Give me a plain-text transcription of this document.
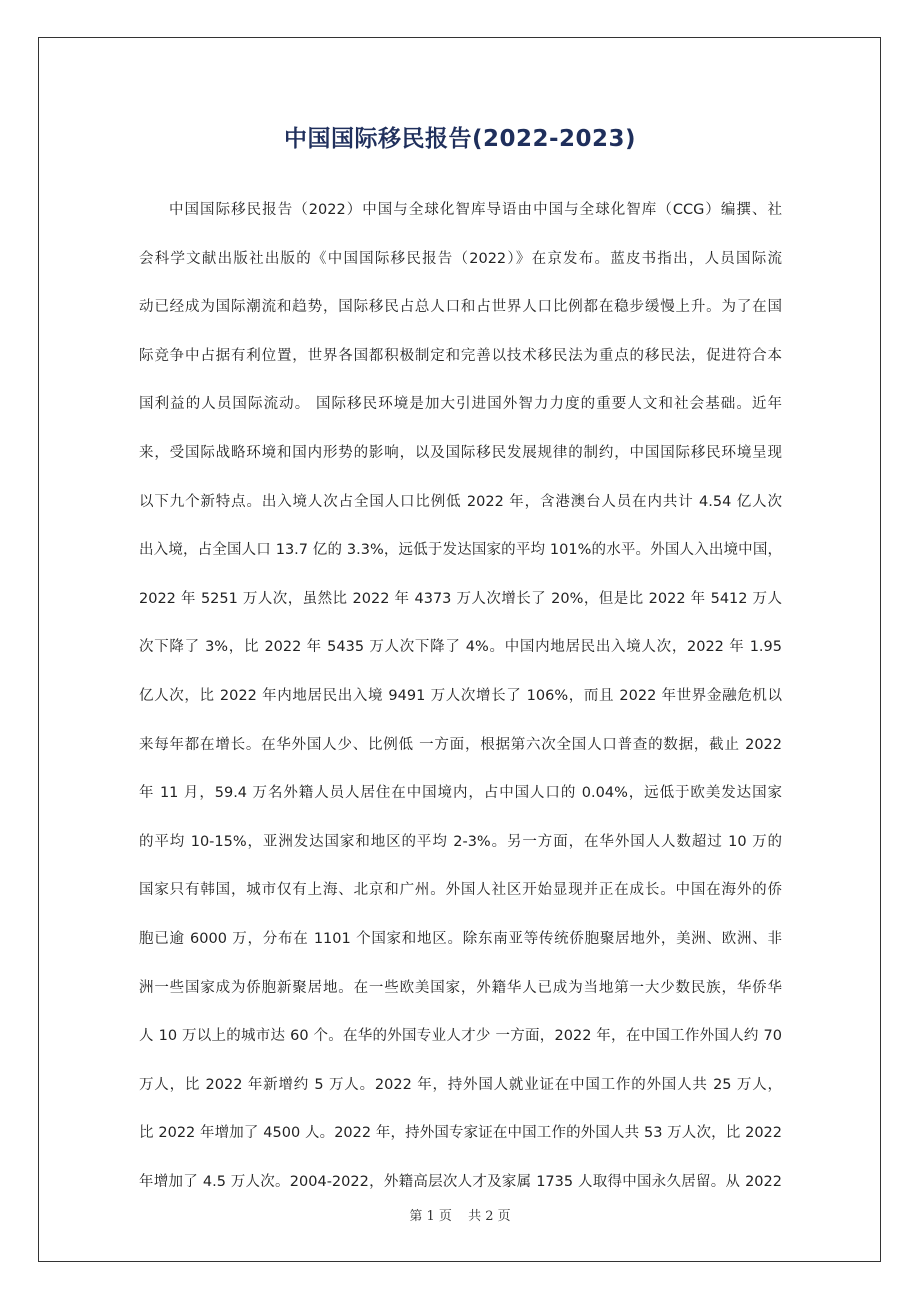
中国国际移民报告(2022-2023)
中国国际移民报告（2022）中国与全球化智库导语由中国与全球化智库（CCG）编撰、社
会科学文献出版社出版的《中国国际移民报告（2022）》在京发布。蓝皮书指出，人员国际流
动已经成为国际潮流和趋势，国际移民占总人口和占世界人口比例都在稳步缓慢上升。为了在国
际竞争中占据有利位置，世界各国都积极制定和完善以技术移民法为重点的移民法，促进符合本
国利益的人员国际流动。 国际移民环境是加大引进国外智力力度的重要人文和社会基础。近年
来，受国际战略环境和国内形势的影响，以及国际移民发展规律的制约，中国国际移民环境呈现
以下九个新特点。出入境人次占全国人口比例低 2022 年，含港澳台人员在内共计 4.54 亿人次
出入境，占全国人口 13.7 亿的 3.3%，远低于发达国家的平均 101%的水平。外国人入出境中国，
2022 年 5251 万人次，虽然比 2022 年 4373 万人次增长了 20%，但是比 2022 年 5412 万人
次下降了 3%，比 2022 年 5435 万人次下降了 4%。中国内地居民出入境人次，2022 年 1.95
亿人次，比 2022 年内地居民出入境 9491 万人次增长了 106%，而且 2022 年世界金融危机以
来每年都在增长。在华外国人少、比例低 一方面，根据第六次全国人口普查的数据，截止 2022
年 11 月，59.4 万名外籍人员人居住在中国境内，占中国人口的 0.04%，远低于欧美发达国家
的平均 10-15%，亚洲发达国家和地区的平均 2-3%。另一方面，在华外国人人数超过 10 万的
国家只有韩国，城市仅有上海、北京和广州。外国人社区开始显现并正在成长。中国在海外的侨
胞已逾 6000 万，分布在 1101 个国家和地区。除东南亚等传统侨胞聚居地外，美洲、欧洲、非
洲一些国家成为侨胞新聚居地。在一些欧美国家，外籍华人已成为当地第一大少数民族，华侨华
人 10 万以上的城市达 60 个。在华的外国专业人才少 一方面，2022 年，在中国工作外国人约 70
万人，比 2022 年新增约 5 万人。2022 年，持外国人就业证在中国工作的外国人共 25 万人，
比 2022 年增加了 4500 人。2022 年，持外国专家证在中国工作的外国人共 53 万人次，比 2022
年增加了 4.5 万人次。2004-2022，外籍高层次人才及家属 1735 人取得中国永久居留。从 2022
第 1 页 共 2 页
